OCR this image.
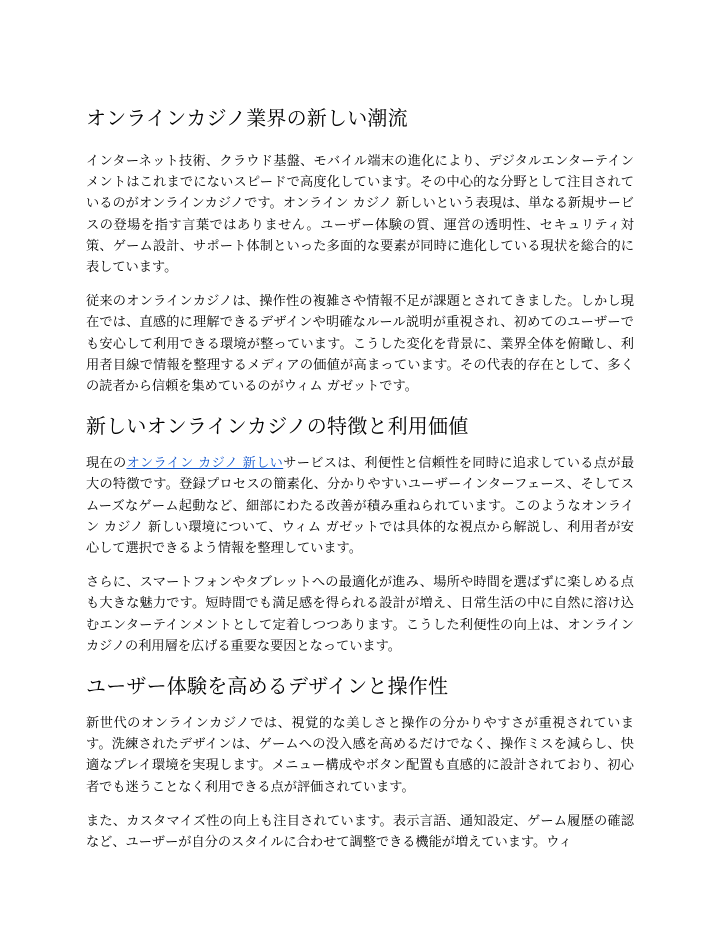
オンラインカジノ業界の新しい潮流

インターネット技術、クラウド基盤、モバイル端末の進化により、デジタルエンターテインメントはこれまでにないスピードで高度化しています。その中心的な分野として注目されているのがオンラインカジノです。オンライン カジノ 新しいという表現は、単なる新規サービスの登場を指す言葉ではありません。ユーザー体験の質、運営の透明性、セキュリティ対策、ゲーム設計、サポート体制といった多面的な要素が同時に進化している現状を総合的に表しています。

従来のオンラインカジノは、操作性の複雑さや情報不足が課題とされてきました。しかし現在では、直感的に理解できるデザインや明確なルール説明が重視され、初めてのユーザーでも安心して利用できる環境が整っています。こうした変化を背景に、業界全体を俯瞰し、利用者目線で情報を整理するメディアの価値が高まっています。その代表的存在として、多くの読者から信頼を集めているのがウィム ガゼットです。

新しいオンラインカジノの特徴と利用価値

現在のオンライン カジノ 新しいサービスは、利便性と信頼性を同時に追求している点が最大の特徴です。登録プロセスの簡素化、分かりやすいユーザーインターフェース、そしてスムーズなゲーム起動など、細部にわたる改善が積み重ねられています。このようなオンライン カジノ 新しい環境について、ウィム ガゼットでは具体的な視点から解説し、利用者が安心して選択できるよう情報を整理しています。

さらに、スマートフォンやタブレットへの最適化が進み、場所や時間を選ばずに楽しめる点も大きな魅力です。短時間でも満足感を得られる設計が増え、日常生活の中に自然に溶け込むエンターテインメントとして定着しつつあります。こうした利便性の向上は、オンラインカジノの利用層を広げる重要な要因となっています。

ユーザー体験を高めるデザインと操作性

新世代のオンラインカジノでは、視覚的な美しさと操作の分かりやすさが重視されています。洗練されたデザインは、ゲームへの没入感を高めるだけでなく、操作ミスを減らし、快適なプレイ環境を実現します。メニュー構成やボタン配置も直感的に設計されており、初心者でも迷うことなく利用できる点が評価されています。

また、カスタマイズ性の向上も注目されています。表示言語、通知設定、ゲーム履歴の確認など、ユーザーが自分のスタイルに合わせて調整できる機能が増えています。ウィ
